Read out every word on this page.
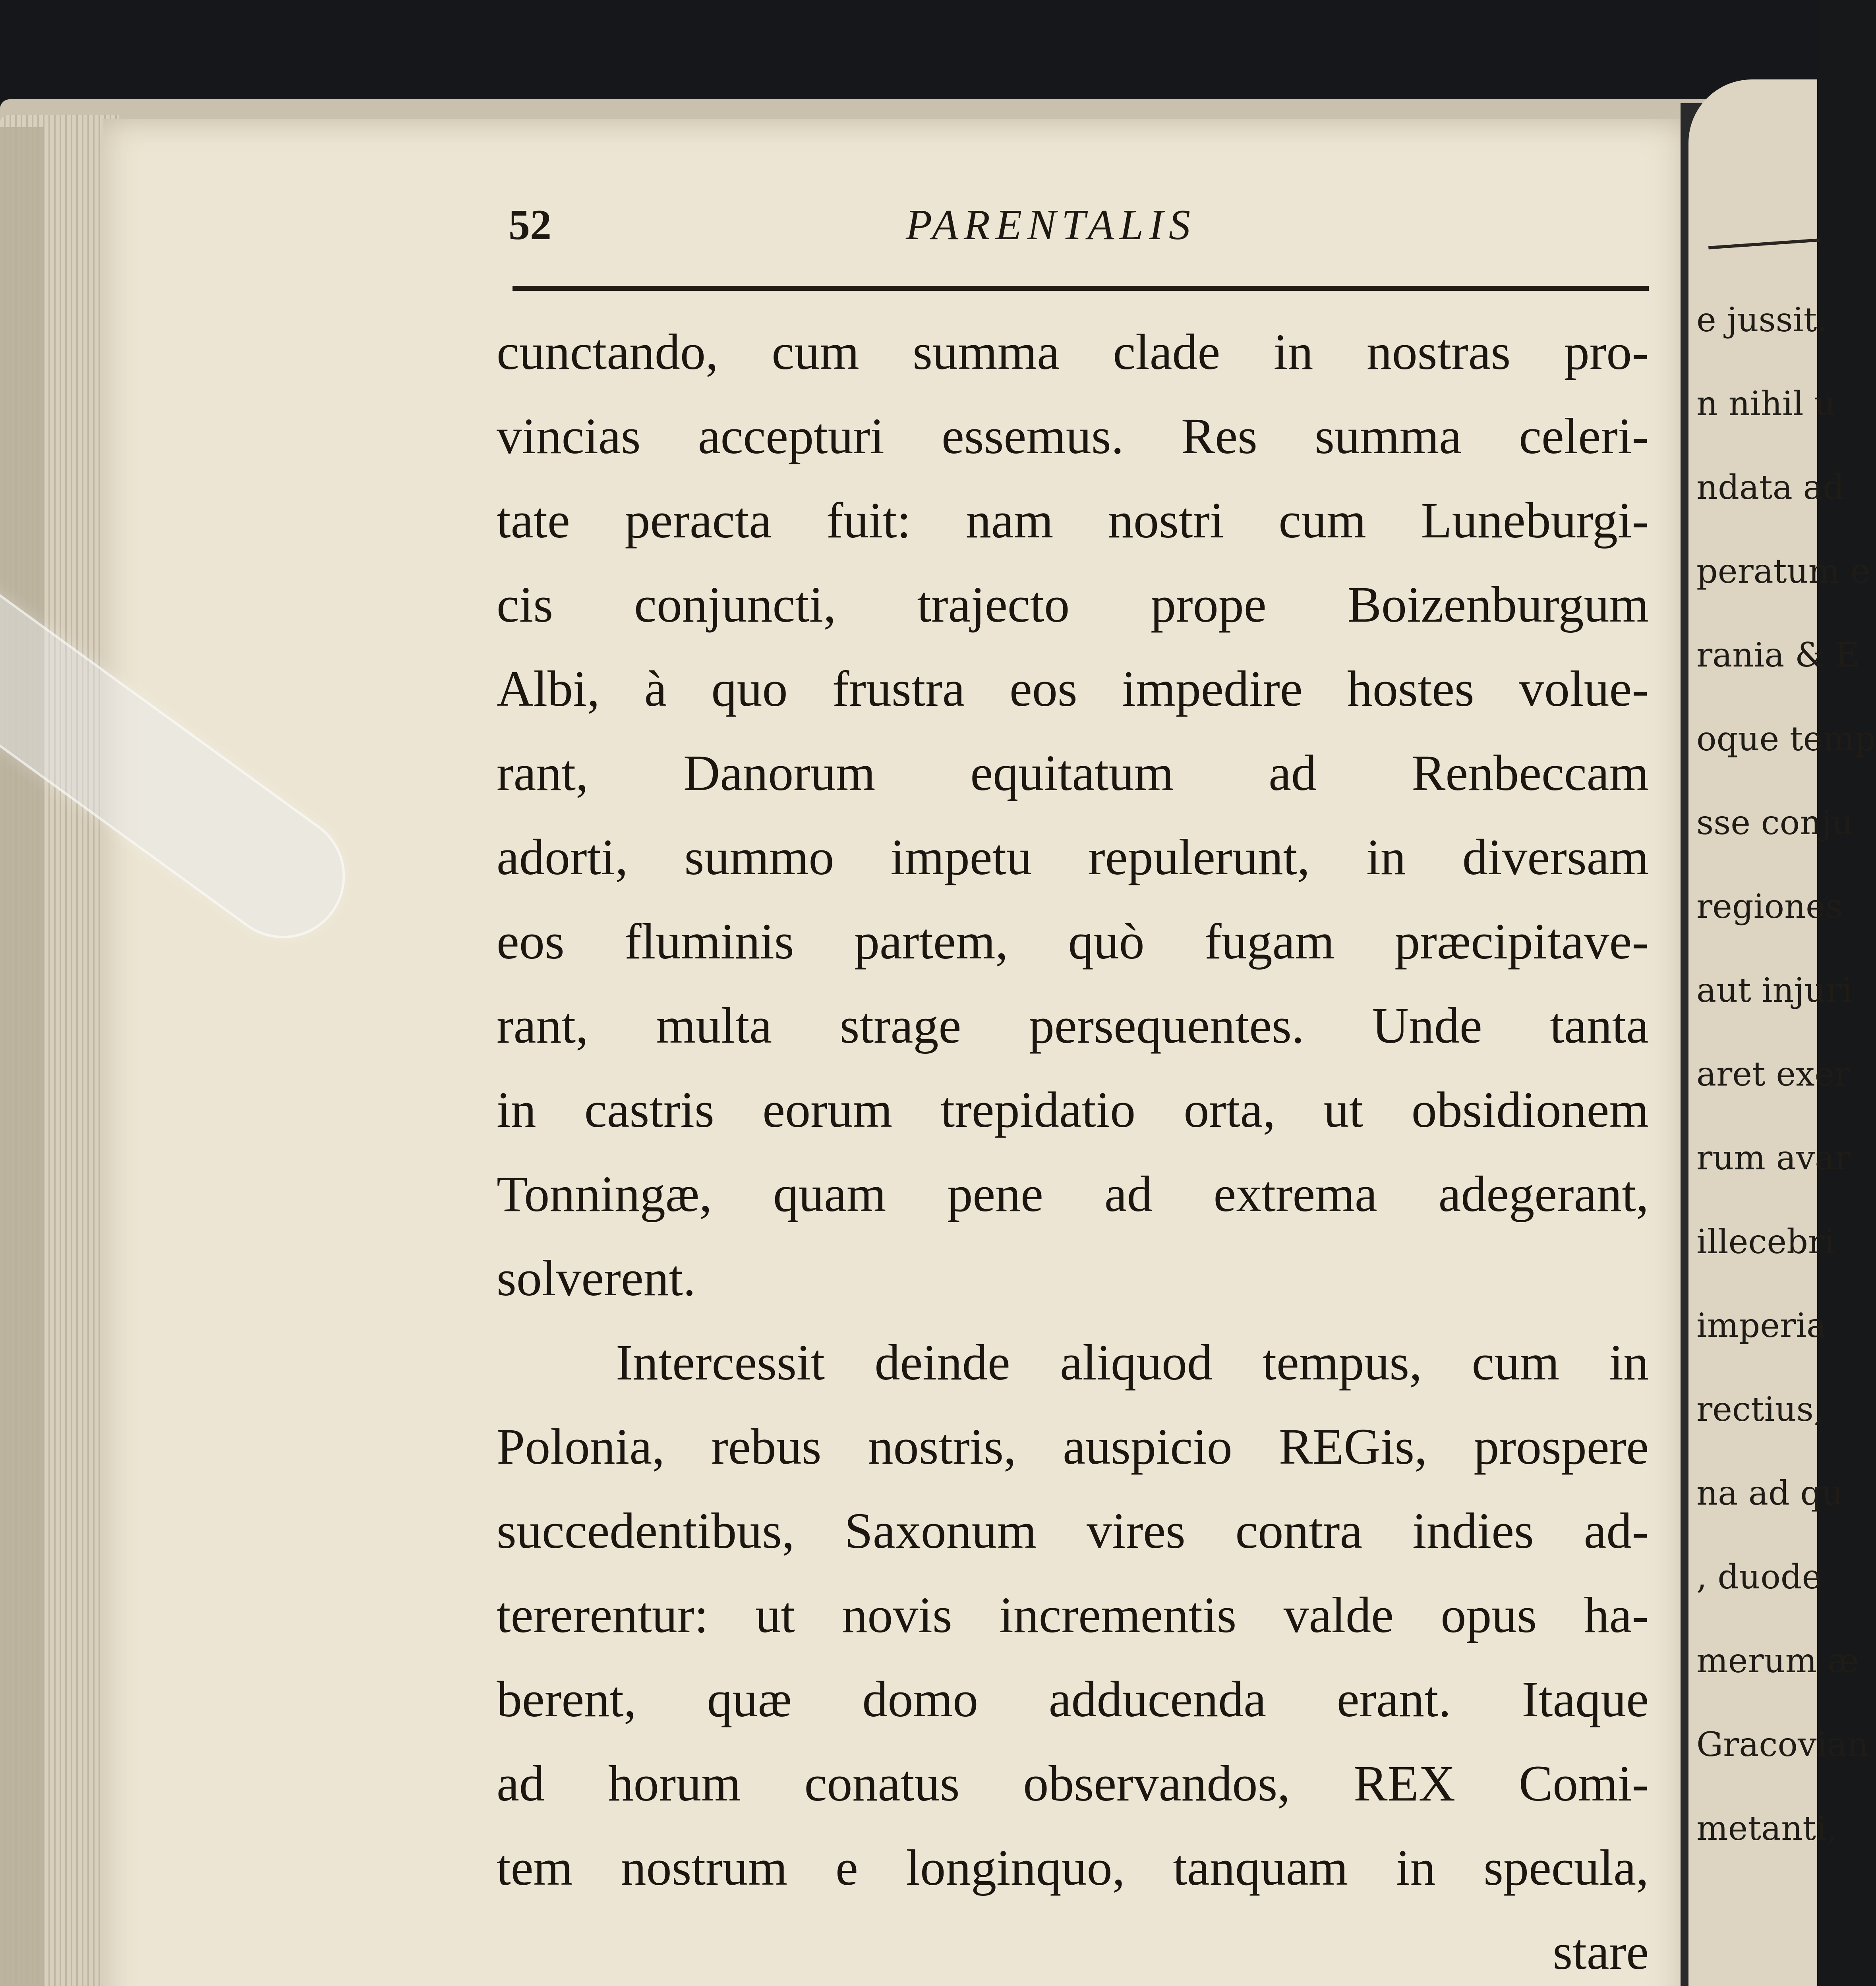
e jussit.
n nihil u
ndata ad
peratum e
rania & E
oque temp
sse conju
regiones
aut injuri
aret exer
rum avar
illecebri
imperia
rectius,
na ad qu
, duode
merum æ
Gracovian
metanti,
52	PARENTALIS
cunctando, cum summa clade in nostras pro-
vincias accepturi essemus. Res summa celeri-
tate peracta fuit: nam nostri cum Luneburgi-
cis conjuncti, trajecto prope Boizenburgum
Albi, à quo frustra eos impedire hostes volue-
rant, Danorum equitatum ad Renbeccam
adorti, summo impetu repulerunt, in diversam
eos fluminis partem, quò fugam præcipitave-
rant, multa strage persequentes. Unde tanta
in castris eorum trepidatio orta, ut obsidionem
Tonningæ, quam pene ad extrema adegerant,
solverent.
Intercessit deinde aliquod tempus, cum in
Polonia, rebus nostris, auspicio REGis, prospere
succedentibus, Saxonum vires contra indies ad-
tererentur: ut novis incrementis valde opus ha-
berent, quæ domo adducenda erant. Itaque
ad horum conatus observandos, REX Comi-
tem nostrum e longinquo, tanquam in specula,
stare
